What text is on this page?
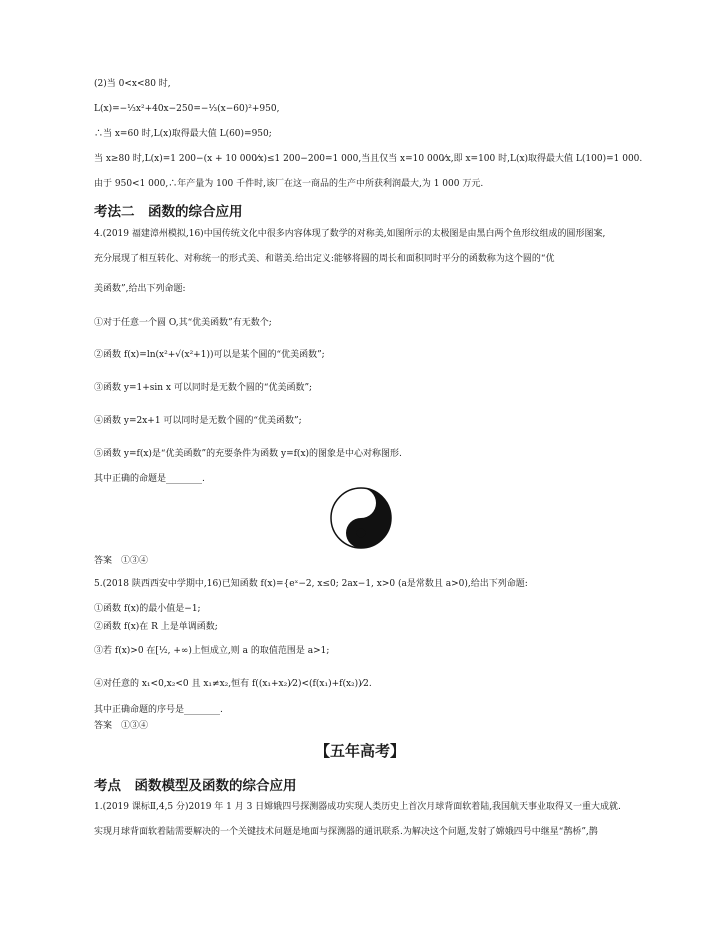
(2)当 0<x<80 时,
L(x)=−⅓x²+40x−250=−⅓(x−60)²+950,
∴当 x=60 时,L(x)取得最大值 L(60)=950;
当 x≥80 时,L(x)=1 200−(x + 10 000⁄x)≤1 200−200=1 000,当且仅当 x=10 000⁄x,即 x=100 时,L(x)取得最大值 L(100)=1 000.
由于 950<1 000,∴年产量为 100 千件时,该厂在这一商品的生产中所获利润最大,为 1 000 万元.
考法二　函数的综合应用
4.(2019 福建漳州模拟,16)中国传统文化中很多内容体现了数学的对称美,如图所示的太极图是由黑白两个鱼形纹组成的圆形图案,
充分展现了相互转化、对称统一的形式美、和谐美.给出定义:能够将圆的周长和面积同时平分的函数称为这个圆的“优
美函数”,给出下列命题:
①对于任意一个圆 O,其“优美函数”有无数个;
②函数 f(x)=ln(x²+√(x²+1))可以是某个圆的“优美函数”;
③函数 y=1+sin x 可以同时是无数个圆的“优美函数”;
④函数 y=2x+1 可以同时是无数个圆的“优美函数”;
⑤函数 y=f(x)是“优美函数”的充要条件为函数 y=f(x)的图象是中心对称图形.
其中正确的命题是________.
答案　①③④
5.(2018 陕西西安中学期中,16)已知函数 f(x)={eˣ−2, x≤0; 2ax−1, x>0 (a是常数且 a>0),给出下列命题:
①函数 f(x)的最小值是−1;
②函数 f(x)在 R 上是单调函数;
③若 f(x)>0 在[½, +∞)上恒成立,则 a 的取值范围是 a>1;
④对任意的 x₁<0,x₂<0 且 x₁≠x₂,恒有 f((x₁+x₂)⁄2)<(f(x₁)+f(x₂))⁄2.
其中正确命题的序号是________.
答案　①③④
【五年高考】
考点　函数模型及函数的综合应用
1.(2019 课标Ⅱ,4,5 分)2019 年 1 月 3 日嫦娥四号探测器成功实现人类历史上首次月球背面软着陆,我国航天事业取得又一重大成就.
实现月球背面软着陆需要解决的一个关键技术问题是地面与探测器的通讯联系.为解决这个问题,发射了嫦娥四号中继星“鹊桥”,鹊
